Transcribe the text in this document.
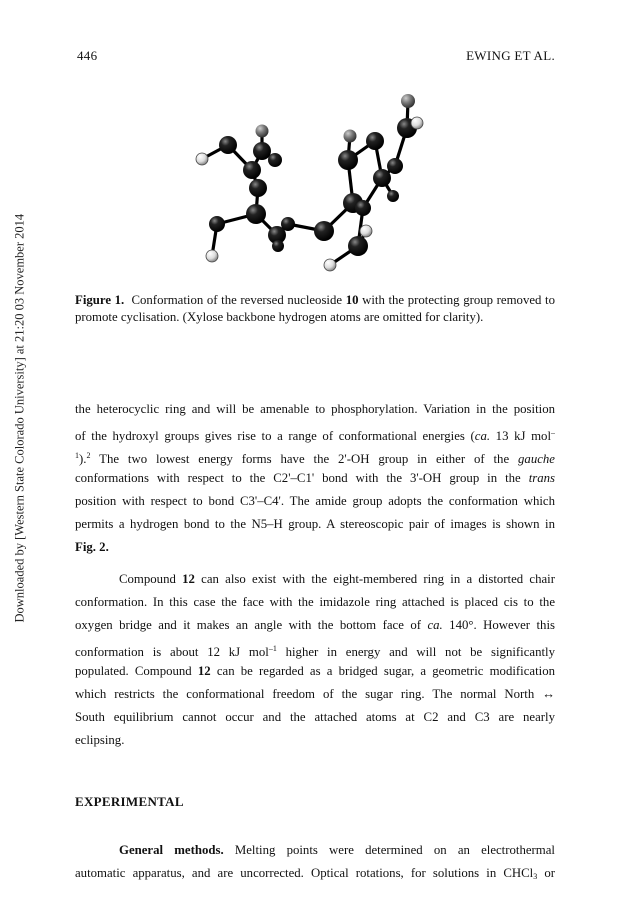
Downloaded by [Western State Colorado University] at 21:20 03 November 2014
446	EWING ET AL.
Figure 1. Conformation of the reversed nucleoside 10 with the protecting group removed to promote cyclisation. (Xylose backbone hydrogen atoms are omitted for clarity).
the heterocyclic ring and will be amenable to phosphorylation. Variation in the position
of the hydroxyl groups gives rise to a range of conformational energies (ca. 13 kJ mol–
$^1$).$^2$ The two lowest energy forms have the 2'-OH group in either of the gauche
conformations with respect to the C2'–C1' bond with the 3'-OH group in the trans
position with respect to bond C3'–C4'. The amide group adopts the conformation which
permits a hydrogen bond to the N5–H group. A stereoscopic pair of images is shown in
Fig. 2.
Compound 12 can also exist with the eight-membered ring in a distorted chair
conformation. In this case the face with the imidazole ring attached is placed cis to the
oxygen bridge and it makes an angle with the bottom face of ca. 140°. However this
conformation is about 12 kJ mol$^{-1}$ higher in energy and will not be significantly
populated. Compound 12 can be regarded as a bridged sugar, a geometric modification
which restricts the conformational freedom of the sugar ring. The normal North ↔
South equilibrium cannot occur and the attached atoms at C2 and C3 are nearly
eclipsing.
EXPERIMENTAL
General methods. Melting points were determined on an electrothermal
automatic apparatus, and are uncorrected. Optical rotations, for solutions in CHCl$_3$ or
